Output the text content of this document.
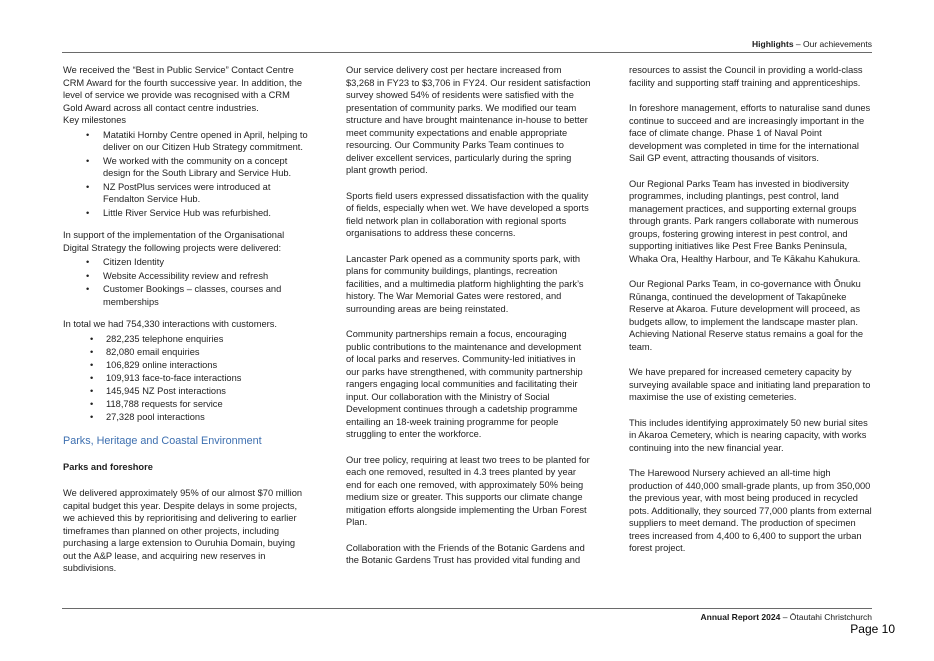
Highlights – Our achievements

We received the “Best in Public Service” Contact Centre CRM Award for the fourth successive year. In addition, the level of service we provide was recognised with a CRM Gold Award across all contact centre industries.

Key milestones
• Matatiki Hornby Centre opened in April, helping to deliver on our Citizen Hub Strategy commitment.
• We worked with the community on a concept design for the South Library and Service Hub.
• NZ PostPlus services were introduced at Fendalton Service Hub.
• Little River Service Hub was refurbished.
In support of the implementation of the Organisational Digital Strategy the following projects were delivered:
• Citizen Identity
• Website Accessibility review and refresh
• Customer Bookings – classes, courses and memberships
In total we had 754,330 interactions with customers.
• 282,235 telephone enquiries
• 82,080 email enquiries
• 106,829 online interactions
• 109,913 face-to-face interactions
• 145,945 NZ Post interactions
• 118,788 requests for service
• 27,328 pool interactions
Parks, Heritage and Coastal Environment
Parks and foreshore

We delivered approximately 95% of our almost $70 million capital budget this year. Despite delays in some projects, we achieved this by reprioritising and delivering to earlier timeframes than planned on other projects, including purchasing a large extension to Ouruhia Domain, buying out the A&P lease, and acquiring new reserves in subdivisions.

Our service delivery cost per hectare increased from $3,268 in FY23 to $3,706 in FY24. Our resident satisfaction survey showed 54% of residents were satisfied with the presentation of community parks. We modified our team structure and have brought maintenance in-house to better meet community expectations and enable appropriate resourcing. Our Community Parks Team continues to deliver excellent services, particularly during the spring plant growth period.

Sports field users expressed dissatisfaction with the quality of fields, especially when wet. We have developed a sports field network plan in collaboration with regional sports organisations to address these concerns.

Lancaster Park opened as a community sports park, with plans for community buildings, plantings, recreation facilities, and a multimedia platform highlighting the park’s history. The War Memorial Gates were restored, and surrounding areas are being reinstated.

Community partnerships remain a focus, encouraging public contributions to the maintenance and development of local parks and reserves. Community-led initiatives in our parks have strengthened, with community partnership rangers engaging local communities and facilitating their input. Our collaboration with the Ministry of Social Development continues through a cadetship programme entailing an 18-week training programme for people struggling to enter the workforce.

Our tree policy, requiring at least two trees to be planted for each one removed, resulted in 4.3 trees planted by year end for each one removed, with approximately 50% being medium size or greater. This supports our climate change mitigation efforts alongside implementing the Urban Forest Plan.

Collaboration with the Friends of the Botanic Gardens and the Botanic Gardens Trust has provided vital funding and

resources to assist the Council in providing a world-class facility and supporting staff training and apprenticeships.

In foreshore management, efforts to naturalise sand dunes continue to succeed and are increasingly important in the face of climate change. Phase 1 of Naval Point development was completed in time for the international Sail GP event, attracting thousands of visitors.

Our Regional Parks Team has invested in biodiversity programmes, including plantings, pest control, land management practices, and supporting external groups through grants. Park rangers collaborate with numerous groups, fostering growing interest in pest control, and supporting initiatives like Pest Free Banks Peninsula, Whaka Ora, Healthy Harbour, and Te Kākahu Kahukura.

Our Regional Parks Team, in co-governance with Ōnuku Rūnanga, continued the development of Takapūneke Reserve at Akaroa. Future development will proceed, as budgets allow, to implement the landscape master plan. Achieving National Reserve status remains a goal for the team.

We have prepared for increased cemetery capacity by surveying available space and initiating land preparation to maximise the use of existing cemeteries.

This includes identifying approximately 50 new burial sites in Akaroa Cemetery, which is nearing capacity, with works continuing into the new financial year.

The Harewood Nursery achieved an all-time high production of 440,000 small-grade plants, up from 350,000 the previous year, with most being produced in recycled pots. Additionally, they sourced 77,000 plants from external suppliers to meet demand. The production of specimen trees increased from 4,400 to 6,400 to support the urban forest project.

Annual Report 2024 – Ōtautahi Christchurch
Page 10
